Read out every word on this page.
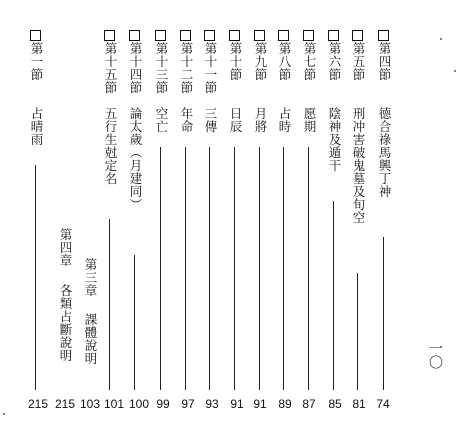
第四節
德合祿馬興丁神
74
第五節
刑冲害破鬼墓及旬空
81
第六節
陰神及遁干
85
第七節
愿期
87
第八節
占時
89
第九節
月將
91
第十節
日辰
91
第十一節
三傳
93
第十二節
年命
97
第十三節
空亡
99
第十四節
論太歲（月建同）
100
第十五節
五行生尅定名
101
第三章
課體說明
103
第四章
各類占斷說明
215
第一節
占晴雨
215
一〇
